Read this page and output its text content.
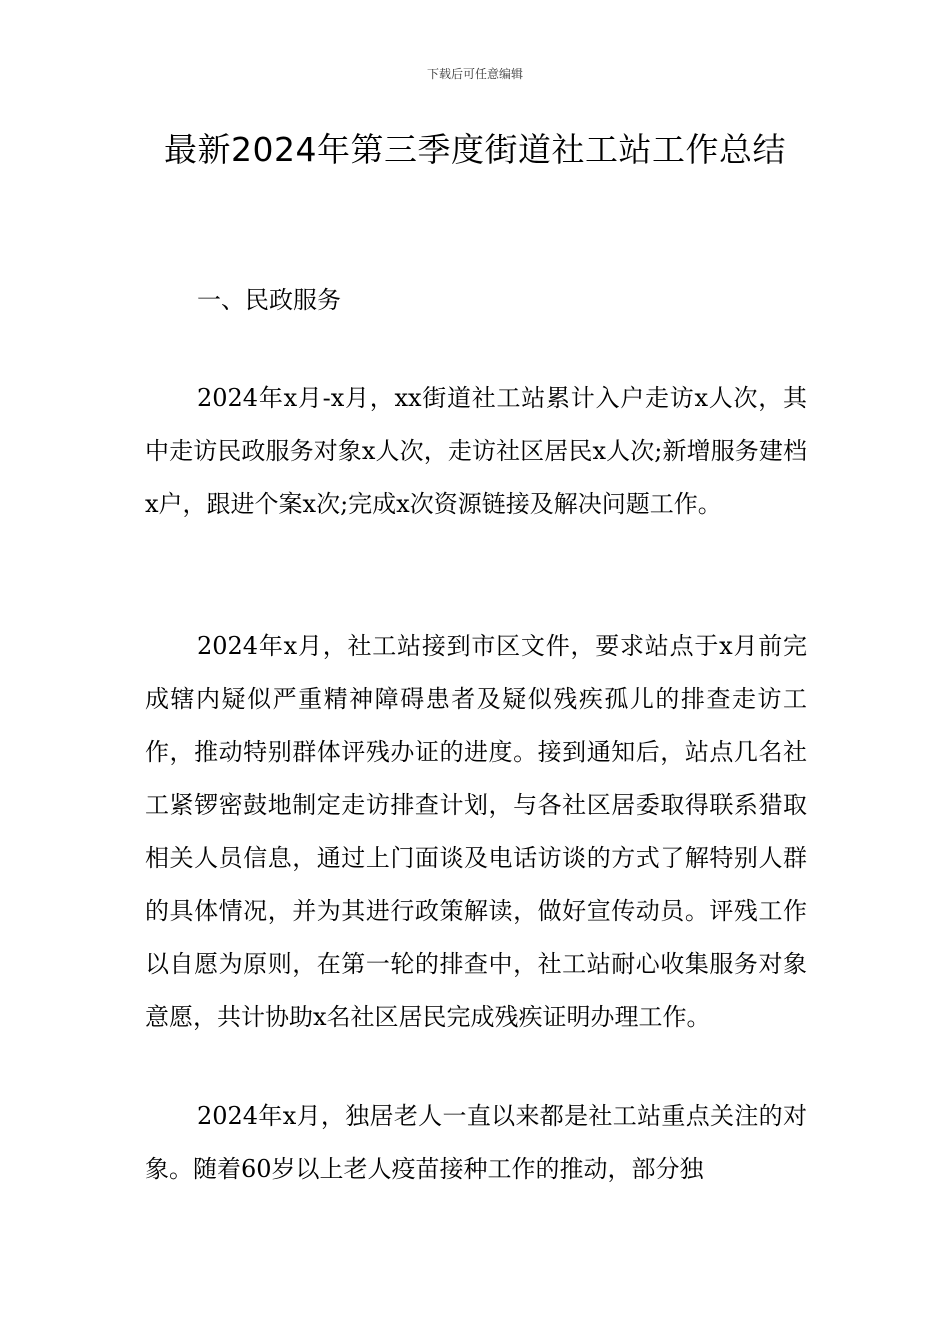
下载后可任意编辑
最新2024年第三季度街道社工站工作总结
一、民政服务

2024年x月-x月，xx街道社工站累计入户走访x人次，其中走访民政服务对象x人次，走访社区居民x人次;新增服务建档x户，跟进个案x次;完成x次资源链接及解决问题工作。

2024年x月，社工站接到市区文件，要求站点于x月前完成辖内疑似严重精神障碍患者及疑似残疾孤儿的排查走访工作，推动特别群体评残办证的进度。接到通知后，站点几名社工紧锣密鼓地制定走访排查计划，与各社区居委取得联系猎取相关人员信息，通过上门面谈及电话访谈的方式了解特别人群的具体情况，并为其进行政策解读，做好宣传动员。评残工作以自愿为原则，在第一轮的排查中，社工站耐心收集服务对象意愿，共计协助x名社区居民完成残疾证明办理工作。

2024年x月，独居老人一直以来都是社工站重点关注的对象。随着60岁以上老人疫苗接种工作的推动，部分独
